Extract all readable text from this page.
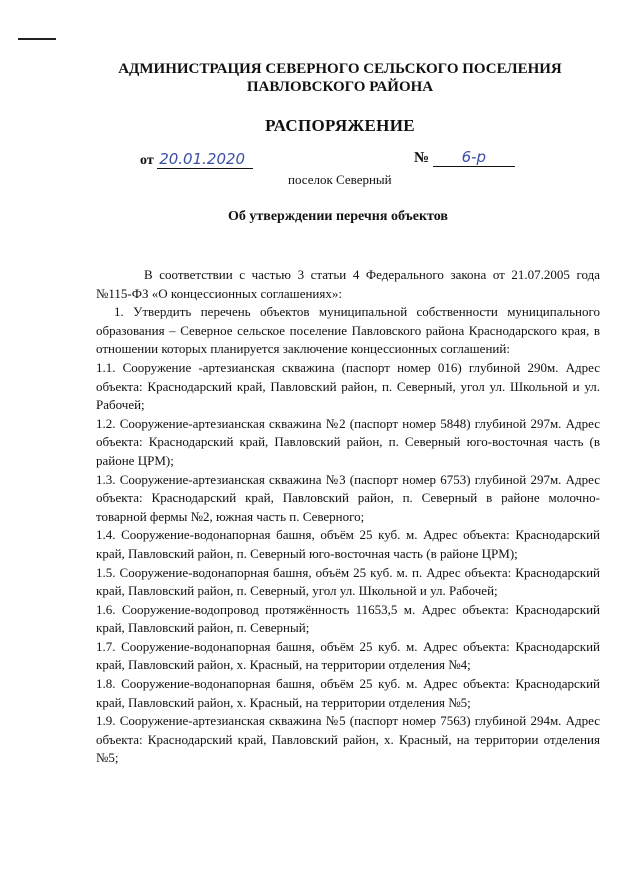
АДМИНИСТРАЦИЯ СЕВЕРНОГО СЕЛЬСКОГО ПОСЕЛЕНИЯ
ПАВЛОВСКОГО РАЙОНА
РАСПОРЯЖЕНИЕ
от 20.01.2020	№ 6-р
поселок Северный
Об утверждении перечня объектов

В соответствии с частью 3 статьи 4 Федерального закона от 21.07.2005 года №115-ФЗ «О концессионных соглашениях»:

1. Утвердить перечень объектов муниципальной собственности муниципального образования – Северное сельское поселение Павловского района Краснодарского края, в отношении которых планируется заключение концессионных соглашений:

1.1. Сооружение -артезианская скважина (паспорт номер 016) глубиной 290м. Адрес объекта: Краснодарский край, Павловский район, п. Северный, угол ул. Школьной и ул. Рабочей;

1.2. Сооружение-артезианская скважина №2 (паспорт номер 5848) глубиной 297м. Адрес объекта: Краснодарский край, Павловский район, п. Северный юго-восточная часть (в районе ЦРМ);

1.3. Сооружение-артезианская скважина №3 (паспорт номер 6753) глубиной 297м. Адрес объекта: Краснодарский край, Павловский район, п. Северный в районе молочно-товарной фермы №2, южная часть п. Северного;

1.4. Сооружение-водонапорная башня, объём 25 куб. м. Адрес объекта: Краснодарский край, Павловский район, п. Северный юго-восточная часть (в районе ЦРМ);

1.5. Сооружение-водонапорная башня, объём 25 куб. м. п. Адрес объекта: Краснодарский край, Павловский район, п. Северный, угол ул. Школьной и ул. Рабочей;

1.6. Сооружение-водопровод протяжённость 11653,5 м. Адрес объекта: Краснодарский край, Павловский район, п. Северный;

1.7. Сооружение-водонапорная башня, объём 25 куб. м. Адрес объекта: Краснодарский край, Павловский район, х. Красный, на территории отделения №4;

1.8. Сооружение-водонапорная башня, объём 25 куб. м. Адрес объекта: Краснодарский край, Павловский район, х. Красный, на территории отделения №5;

1.9. Сооружение-артезианская скважина №5 (паспорт номер 7563) глубиной 294м. Адрес объекта: Краснодарский край, Павловский район, х. Красный, на территории отделения №5;
